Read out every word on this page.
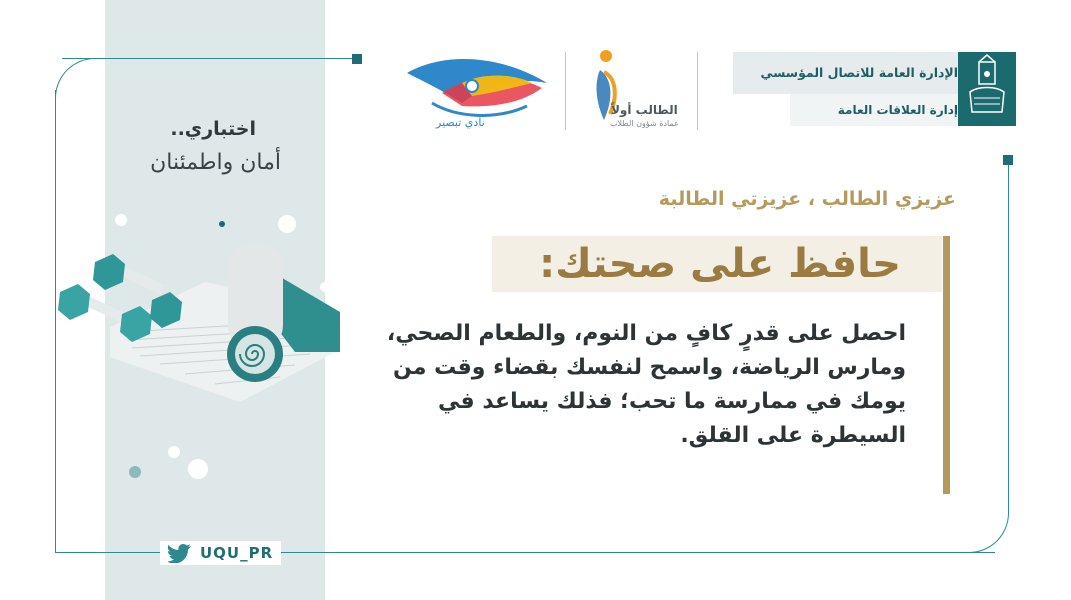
اختباري..
أمان واطمئنان
نادي تبصير
الطالب أولاً
عمادة شؤون الطلاب
الإدارة العامة للاتصال المؤسسي
إدارة العلاقات العامة
عزيزي الطالب ، عزيزتي الطالبة
حافظ على صحتك:
احصل على قدرٍ كافٍ من النوم، والطعام الصحي، ومارس الرياضة، واسمح لنفسك بقضاء وقت من يومك في ممارسة ما تحب؛ فذلك يساعد في السيطرة على القلق.
UQU_PR
